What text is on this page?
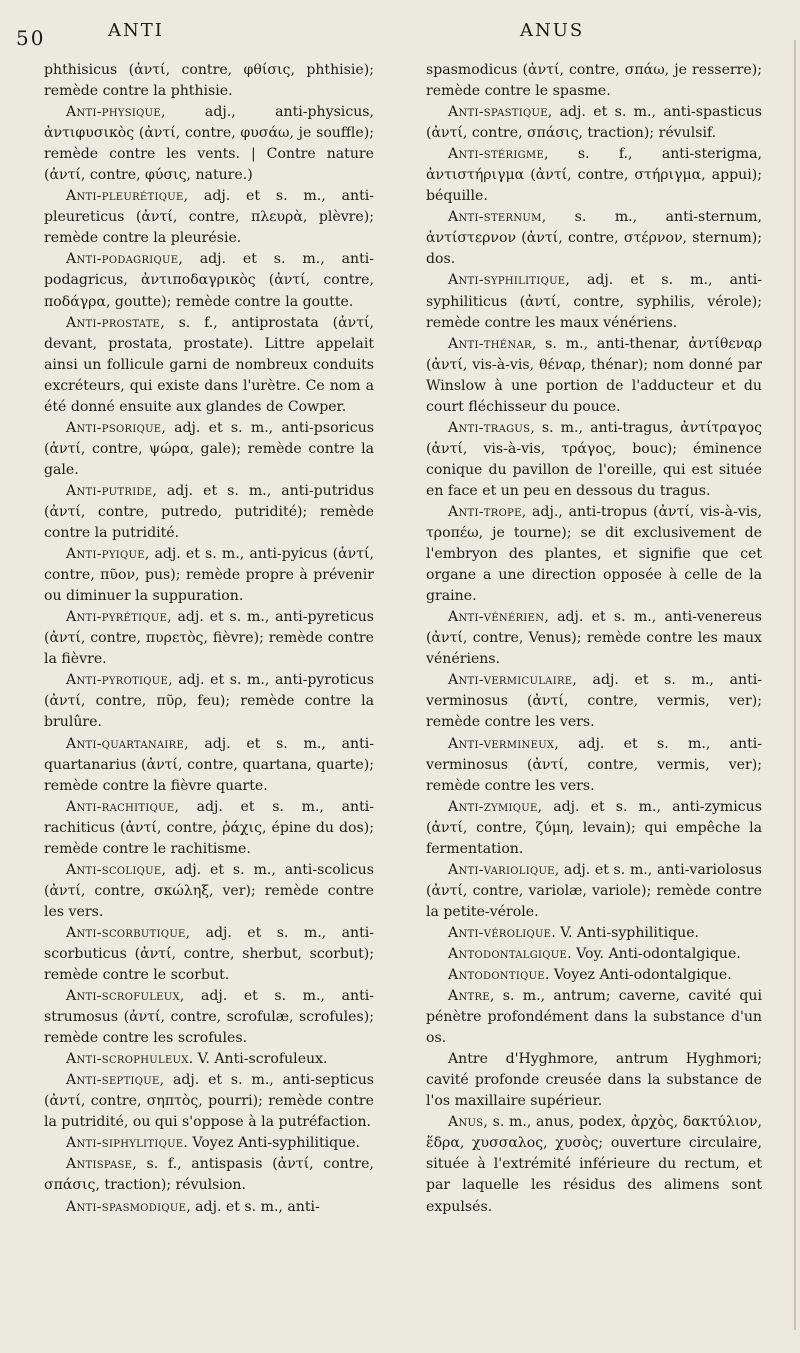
50	ANTI	ANUS

phthisicus (ἀντί, contre, φθίσις, phthisie); remède contre la phthisie.

Anti-physique, adj., anti-physicus, ἀντιφυσικὸς (ἀντί, contre, φυσάω, je souffle); remède contre les vents. | Contre nature (ἀντί, contre, φύσις, nature.)

Anti-pleurétique, adj. et s. m., anti-pleureticus (ἀντί, contre, πλευρὰ, plèvre); remède contre la pleurésie.

Anti-podagrique, adj. et s. m., anti-podagricus, ἀντιποδαγρικὸς (ἀντί, contre, ποδάγρα, goutte); remède contre la goutte.

Anti-prostate, s. f., antiprostata (ἀντί, devant, prostata, prostate). Littre appelait ainsi un follicule garni de nombreux conduits excréteurs, qui existe dans l'urètre. Ce nom a été donné ensuite aux glandes de Cowper.

Anti-psorique, adj. et s. m., anti-psoricus (ἀντί, contre, ψώρα, gale); remède contre la gale.

Anti-putride, adj. et s. m., anti-putridus (ἀντί, contre, putredo, putridité); remède contre la putridité.

Anti-pyique, adj. et s. m., anti-pyicus (ἀντί, contre, πῦον, pus); remède propre à prévenir ou diminuer la suppuration.

Anti-pyrétique, adj. et s. m., anti-pyreticus (ἀντί, contre, πυρετὸς, fièvre); remède contre la fièvre.

Anti-pyrotique, adj. et s. m., anti-pyroticus (ἀντί, contre, πῦρ, feu); remède contre la brulûre.

Anti-quartanaire, adj. et s. m., anti-quartanarius (ἀντί, contre, quartana, quarte); remède contre la fièvre quarte.

Anti-rachitique, adj. et s. m., anti-rachiticus (ἀντί, contre, ῥάχις, épine du dos); remède contre le rachitisme.

Anti-scolique, adj. et s. m., anti-scolicus (ἀντί, contre, σκώληξ, ver); remède contre les vers.

Anti-scorbutique, adj. et s. m., anti-scorbuticus (ἀντί, contre, sherbut, scorbut); remède contre le scorbut.

Anti-scrofuleux, adj. et s. m., anti-strumosus (ἀντί, contre, scrofulæ, scrofules); remède contre les scrofules.

Anti-scrophuleux. V. Anti-scrofuleux.

Anti-septique, adj. et s. m., anti-septicus (ἀντί, contre, σηπτὸς, pourri); remède contre la putridité, ou qui s'oppose à la putréfaction.

Anti-siphylitique. Voyez Anti-syphilitique.

Antispase, s. f., antispasis (ἀντί, contre, σπάσις, traction); révulsion.

Anti-spasmodique, adj. et s. m., anti-

spasmodicus (ἀντί, contre, σπάω, je resserre); remède contre le spasme.

Anti-spastique, adj. et s. m., anti-spasticus (ἀντί, contre, σπάσις, traction); révulsif.

Anti-stérigme, s. f., anti-sterigma, ἀντιστήριγμα (ἀντί, contre, στήριγμα, appui); béquille.

Anti-sternum, s. m., anti-sternum, ἀντίστερνον (ἀντί, contre, στέρνον, sternum); dos.

Anti-syphilitique, adj. et s. m., anti-syphiliticus (ἀντί, contre, syphilis, vérole); remède contre les maux vénériens.

Anti-thénar, s. m., anti-thenar, ἀντίθεναρ (ἀντί, vis-à-vis, θέναρ, thénar); nom donné par Winslow à une portion de l'adducteur et du court fléchisseur du pouce.

Anti-tragus, s. m., anti-tragus, ἀντίτραγος (ἀντί, vis-à-vis, τράγος, bouc); éminence conique du pavillon de l'oreille, qui est située en face et un peu en dessous du tragus.

Anti-trope, adj., anti-tropus (ἀντί, vis-à-vis, τροπέω, je tourne); se dit exclusivement de l'embryon des plantes, et signifie que cet organe a une direction opposée à celle de la graine.

Anti-vénérien, adj. et s. m., anti-venereus (ἀντί, contre, Venus); remède contre les maux vénériens.

Anti-vermiculaire, adj. et s. m., anti-verminosus (ἀντί, contre, vermis, ver); remède contre les vers.

Anti-vermineux, adj. et s. m., anti-verminosus (ἀντί, contre, vermis, ver); remède contre les vers.

Anti-zymique, adj. et s. m., anti-zymicus (ἀντί, contre, ζύμη, levain); qui empêche la fermentation.

Anti-variolique, adj. et s. m., anti-variolosus (ἀντί, contre, variolæ, variole); remède contre la petite-vérole.

Anti-vérolique. V. Anti-syphilitique.

Antodontalgique. Voy. Anti-odontalgique.

Antodontique. Voyez Anti-odontalgique.

Antre, s. m., antrum; caverne, cavité qui pénètre profondément dans la substance d'un os.

Antre d'Hyghmore, antrum Hyghmori; cavité profonde creusée dans la substance de l'os maxillaire supérieur.

Anus, s. m., anus, podex, ἀρχὸς, δακτύλιον, ἕδρα, χυσσαλος, χυσὸς; ouverture circulaire, située à l'extrémité inférieure du rectum, et par laquelle les résidus des alimens sont expulsés.
